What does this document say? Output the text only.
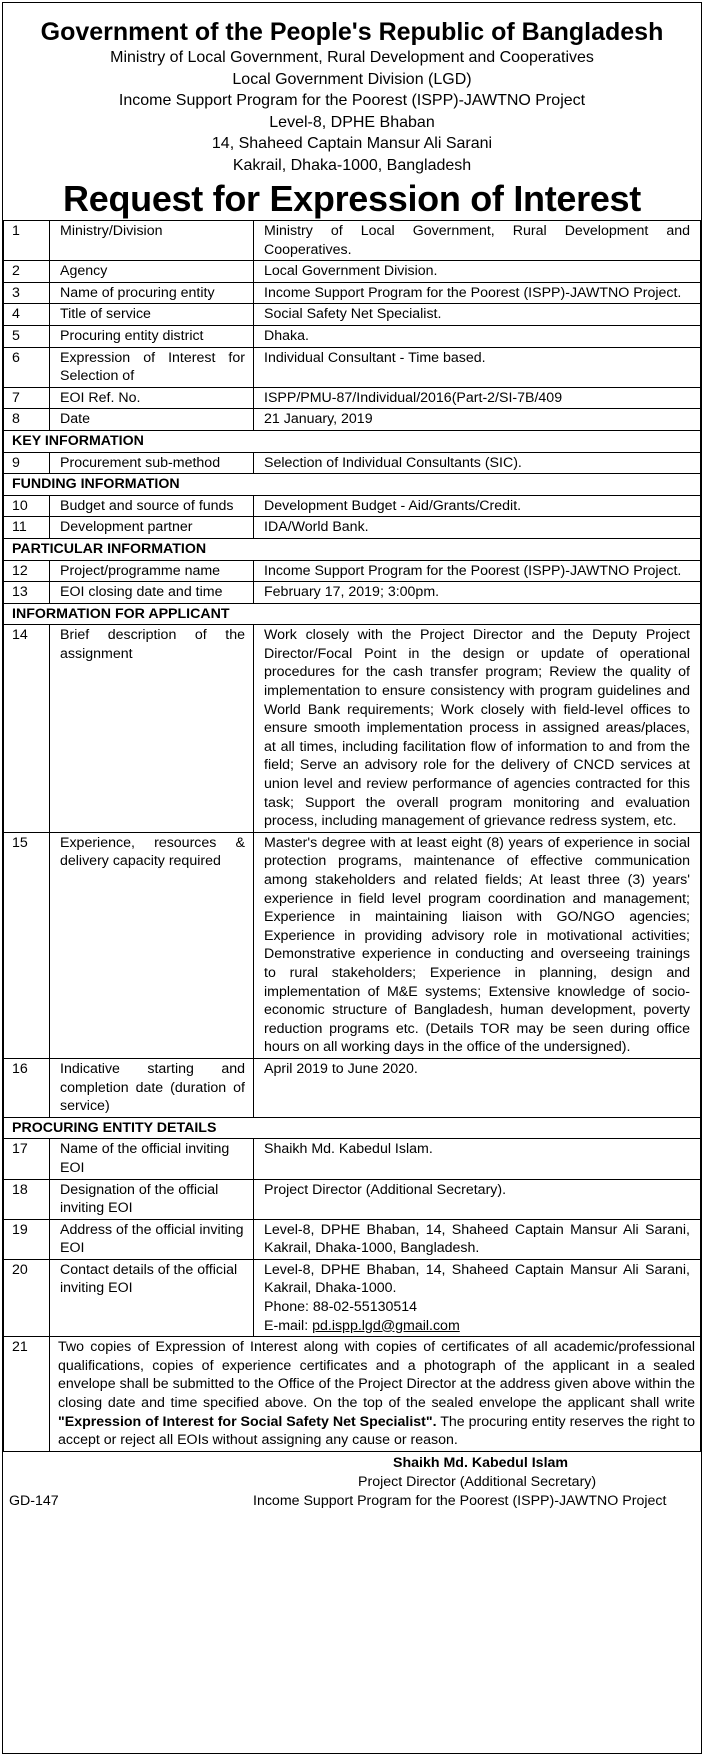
Government of the People's Republic of Bangladesh
Ministry of Local Government, Rural Development and Cooperatives
Local Government Division (LGD)
Income Support Program for the Poorest (ISPP)-JAWTNO Project
Level-8, DPHE Bhaban
14, Shaheed Captain Mansur Ali Sarani
Kakrail, Dhaka-1000, Bangladesh
Request for Expression of Interest
1	Ministry/Division	Ministry of Local Government, Rural Development and Cooperatives.
2	Agency	Local Government Division.
3	Name of procuring entity	Income Support Program for the Poorest (ISPP)-JAWTNO Project.
4	Title of service	Social Safety Net Specialist.
5	Procuring entity district	Dhaka.
6	Expression of Interest for Selection of	Individual Consultant - Time based.
7	EOI Ref. No.	ISPP/PMU-87/Individual/2016(Part-2/SI-7B/409
8	Date	21 January, 2019
KEY INFORMATION		
9	Procurement sub-method	Selection of Individual Consultants (SIC).
FUNDING INFORMATION		
10	Budget and source of funds	Development Budget - Aid/Grants/Credit.
11	Development partner	IDA/World Bank.
PARTICULAR INFORMATION		
12	Project/programme name	Income Support Program for the Poorest (ISPP)-JAWTNO Project.
13	EOI closing date and time	February 17, 2019; 3:00pm.
INFORMATION FOR APPLICANT		
14	Brief description of the assignment	Work closely with the Project Director and the Deputy Project Director/Focal Point in the design or update of operational procedures for the cash transfer program; Review the quality of implementation to ensure consistency with program guidelines and World Bank requirements; Work closely with field-level offices to ensure smooth implementation process in assigned areas/places, at all times, including facilitation flow of information to and from the field; Serve an advisory role for the delivery of CNCD services at union level and review performance of agencies contracted for this task; Support the overall program monitoring and evaluation process, including management of grievance redress system, etc.
15	Experience, resources & delivery capacity required	Master's degree with at least eight (8) years of experience in social protection programs, maintenance of effective communication among stakeholders and related fields; At least three (3) years' experience in field level program coordination and management; Experience in maintaining liaison with GO/NGO agencies; Experience in providing advisory role in motivational activities; Demonstrative experience in conducting and overseeing trainings to rural stakeholders; Experience in planning, design and implementation of M&E systems; Extensive knowledge of socio-economic structure of Bangladesh, human development, poverty reduction programs etc. (Details TOR may be seen during office hours on all working days in the office of the undersigned).
16	Indicative starting and completion date (duration of service)	April 2019 to June 2020.
PROCURING ENTITY DETAILS		
17	Name of the official inviting EOI	Shaikh Md. Kabedul Islam.
18	Designation of the official inviting EOI	Project Director (Additional Secretary).
19	Address of the official inviting EOI	Level-8, DPHE Bhaban, 14, Shaheed Captain Mansur Ali Sarani, Kakrail, Dhaka-1000, Bangladesh.
20	Contact details of the official inviting EOI	Level-8, DPHE Bhaban, 14, Shaheed Captain Mansur Ali Sarani, Kakrail, Dhaka-1000.
Phone: 88-02-55130514
E-mail: pd.ispp.lgd@gmail.com

21	Two copies of Expression of Interest along with copies of certificates of all academic/professional qualifications, copies of experience certificates and a photograph of the applicant in a sealed envelope shall be submitted to the Office of the Project Director at the address given above within the closing date and time specified above. On the top of the sealed envelope the applicant shall write "Expression of Interest for Social Safety Net Specialist". The procuring entity reserves the right to accept or reject all EOIs without assigning any cause or reason.	
Shaikh Md. Kabedul Islam
Project Director (Additional Secretary)
GD-147	Income Support Program for the Poorest (ISPP)-JAWTNO Project
